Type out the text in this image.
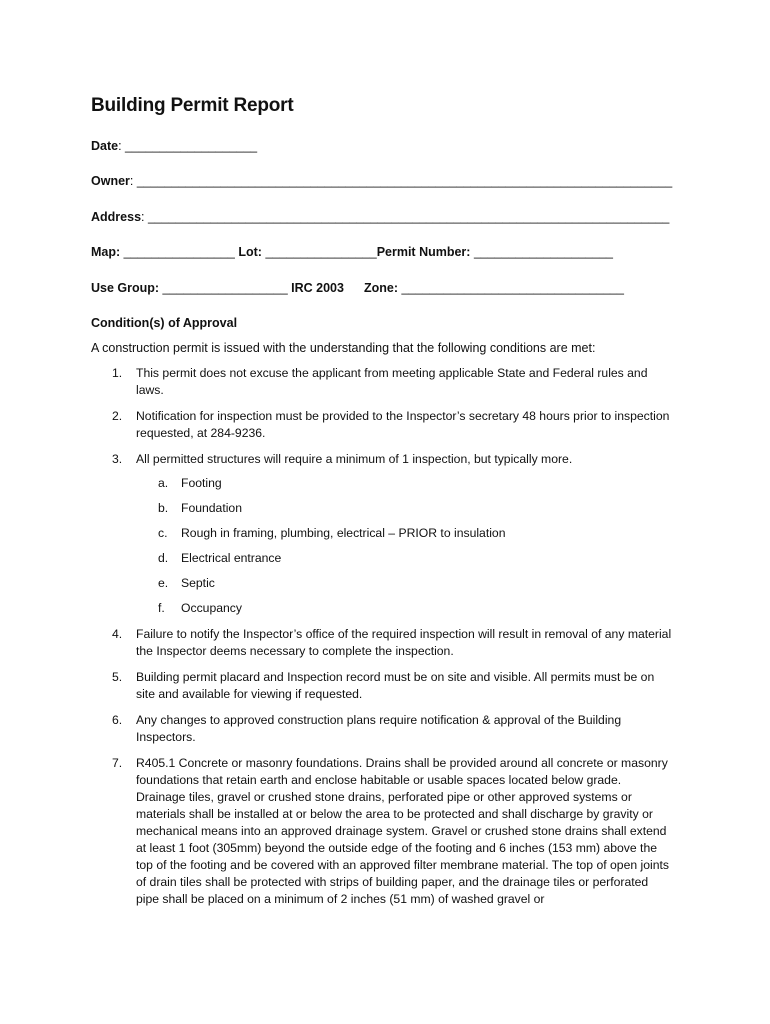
Building Permit Report
Date: ___________________
Owner: _____________________________________________________________________________
Address: ___________________________________________________________________________
Map: ________________ Lot: ________________Permit Number: ____________________
Use Group: __________________ IRC 2003 Zone: ________________________________
Condition(s) of Approval
A construction permit is issued with the understanding that the following conditions are met:
1.	This permit does not excuse the applicant from meeting applicable State and Federal rules and laws.
2.	Notification for inspection must be provided to the Inspector’s secretary 48 hours prior to inspection requested, at 284-9236.
3.	All permitted structures will require a minimum of 1 inspection, but typically more.
a. Footing
b. Foundation
c. Rough in framing, plumbing, electrical – PRIOR to insulation
d. Electrical entrance
e. Septic
f. Occupancy
4.	Failure to notify the Inspector’s office of the required inspection will result in removal of any material the Inspector deems necessary to complete the inspection.
5.	Building permit placard and Inspection record must be on site and visible. All permits must be on site and available for viewing if requested.
6.	Any changes to approved construction plans require notification & approval of the Building Inspectors.
7.	R405.1 Concrete or masonry foundations. Drains shall be provided around all concrete or masonry foundations that retain earth and enclose habitable or usable spaces located below grade. Drainage tiles, gravel or crushed stone drains, perforated pipe or other approved systems or materials shall be installed at or below the area to be protected and shall discharge by gravity or mechanical means into an approved drainage system. Gravel or crushed stone drains shall extend at least 1 foot (305mm) beyond the outside edge of the footing and 6 inches (153 mm) above the top of the footing and be covered with an approved filter membrane material. The top of open joints of drain tiles shall be protected with strips of building paper, and the drainage tiles or perforated pipe shall be placed on a minimum of 2 inches (51 mm) of washed gravel or
